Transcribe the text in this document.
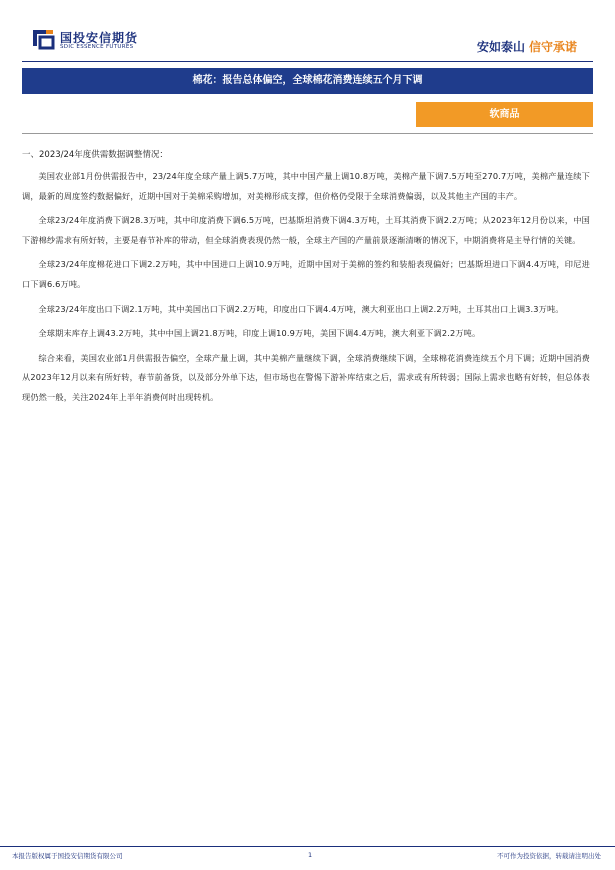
国投安信期货
SDIC ESSENCE FUTURES	安如泰山 信守承诺
棉花：报告总体偏空，全球棉花消费连续五个月下调
软商品
一、2023/24年度供需数据调整情况：

美国农业部1月份供需报告中，23/24年度全球产量上调5.7万吨，其中中国产量上调10.8万吨，美棉产量下调7.5万吨至270.7万吨，美棉产量连续下调，最新的周度签约数据偏好，近期中国对于美棉采购增加，对美棉形成支撑，但价格仍受限于全球消费偏弱，以及其他主产国的丰产。

全球23/24年度消费下调28.3万吨，其中印度消费下调6.5万吨，巴基斯坦消费下调4.3万吨，土耳其消费下调2.2万吨；从2023年12月份以来，中国下游棉纱需求有所好转，主要是春节补库的带动，但全球消费表现仍然一般，全球主产国的产量前景逐渐清晰的情况下，中期消费将是主导行情的关键。

全球23/24年度棉花进口下调2.2万吨，其中中国进口上调10.9万吨，近期中国对于美棉的签约和装船表现偏好；巴基斯坦进口下调4.4万吨，印尼进口下调6.6万吨。

全球23/24年度出口下调2.1万吨，其中美国出口下调2.2万吨，印度出口下调4.4万吨，澳大利亚出口上调2.2万吨，土耳其出口上调3.3万吨。

全球期末库存上调43.2万吨，其中中国上调21.8万吨，印度上调10.9万吨，美国下调4.4万吨，澳大利亚下调2.2万吨。

综合来看，美国农业部1月供需报告偏空，全球产量上调，其中美棉产量继续下调，全球消费继续下调，全球棉花消费连续五个月下调；近期中国消费从2023年12月以来有所好转，春节前备货，以及部分外单下达，但市场也在警惕下游补库结束之后，需求或有所转弱；国际上需求也略有好转，但总体表现仍然一般，关注2024年上半年消费何时出现转机。

本报告版权属于国投安信期货有限公司	1	不可作为投资依据，转载请注明出处
